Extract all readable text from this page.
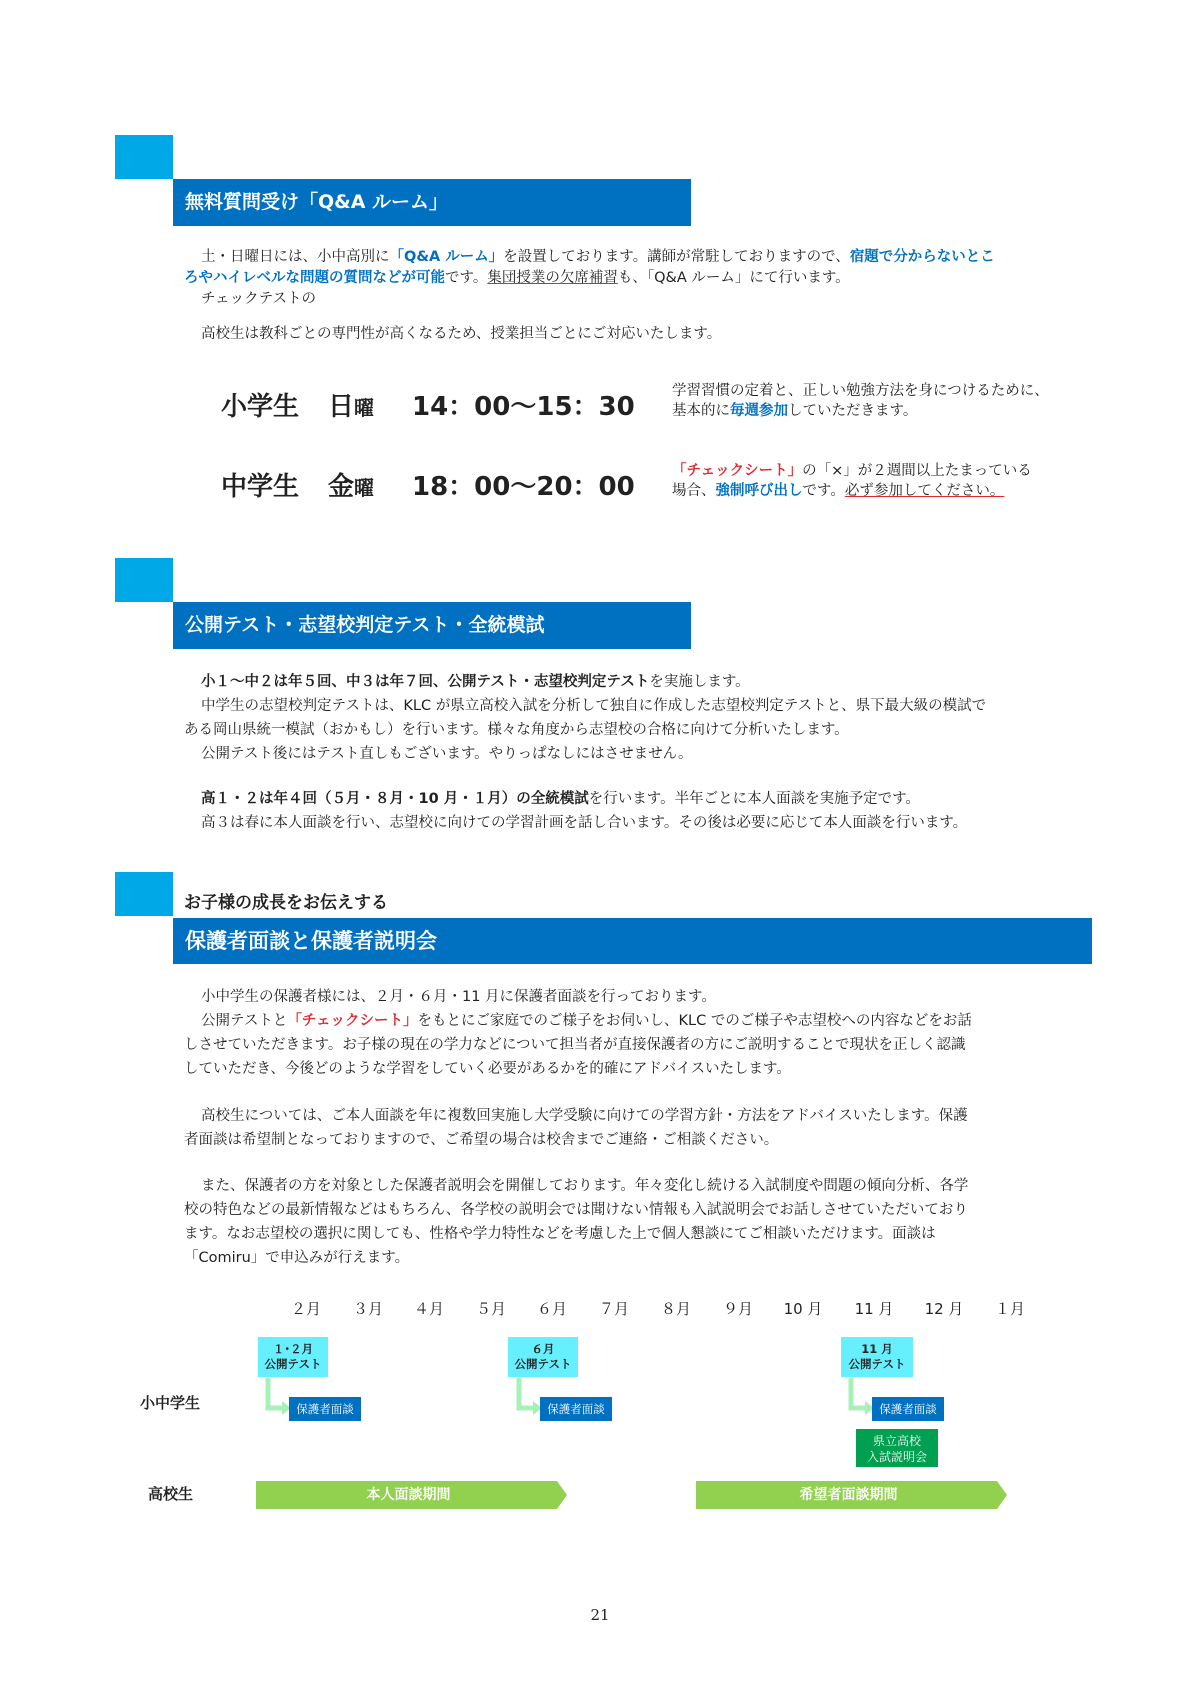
無料質問受け「Q&A ルーム」
土・日曜日には、小中高別に「Q&A ルーム」を設置しております。講師が常駐しておりますので、宿題で分からないとこ
ろやハイレベルな問題の質問などが可能です。集団授業の欠席補習も、「Q&A ルーム」にて行います。
チェックテストの
高校生は教科ごとの専門性が高くなるため、授業担当ごとにご対応いたします。
小学生 日曜 14：00～15：30
学習習慣の定着と、正しい勉強方法を身につけるために、
基本的に毎週参加していただきます。
中学生 金曜 18：00～20：00
「チェックシート」の「×」が２週間以上たまっている
場合、強制呼び出しです。必ず参加してください。
公開テスト・志望校判定テスト・全統模試
小１～中２は年５回、中３は年７回、公開テスト・志望校判定テストを実施します。
中学生の志望校判定テストは、KLC が県立高校入試を分析して独自に作成した志望校判定テストと、県下最大級の模試で
ある岡山県統一模試（おかもし）を行います。様々な角度から志望校の合格に向けて分析いたします。
公開テスト後にはテスト直しもございます。やりっぱなしにはさせません。
高１・２は年４回（５月・８月・10 月・１月）の全統模試を行います。半年ごとに本人面談を実施予定です。
高３は春に本人面談を行い、志望校に向けての学習計画を話し合います。その後は必要に応じて本人面談を行います。
お子様の成長をお伝えする
保護者面談と保護者説明会
小中学生の保護者様には、２月・６月・11 月に保護者面談を行っております。
公開テストと「チェックシート」をもとにご家庭でのご様子をお伺いし、KLC でのご様子や志望校への内容などをお話
しさせていただきます。お子様の現在の学力などについて担当者が直接保護者の方にご説明することで現状を正しく認識
していただき、今後どのような学習をしていく必要があるかを的確にアドバイスいたします。
高校生については、ご本人面談を年に複数回実施し大学受験に向けての学習方針・方法をアドバイスいたします。保護
者面談は希望制となっておりますので、ご希望の場合は校舎までご連絡・ご相談ください。
また、保護者の方を対象とした保護者説明会を開催しております。年々変化し続ける入試制度や問題の傾向分析、各学
校の特色などの最新情報などはもちろん、各学校の説明会では聞けない情報も入試説明会でお話しさせていただいており
ます。なお志望校の選択に関しても、性格や学力特性などを考慮した上で個人懇談にてご相談いただけます。面談は
「Comiru」で申込みが行えます。
２月	３月	４月	５月	６月	７月	８月	９月	10 月	11 月	12 月	１月
小中学生
高校生
１･２月
公開テスト
６月
公開テスト
11 月
公開テスト
保護者面談	保護者面談	保護者面談
県立高校
入試説明会
本人面談期間	希望者面談期間
21
